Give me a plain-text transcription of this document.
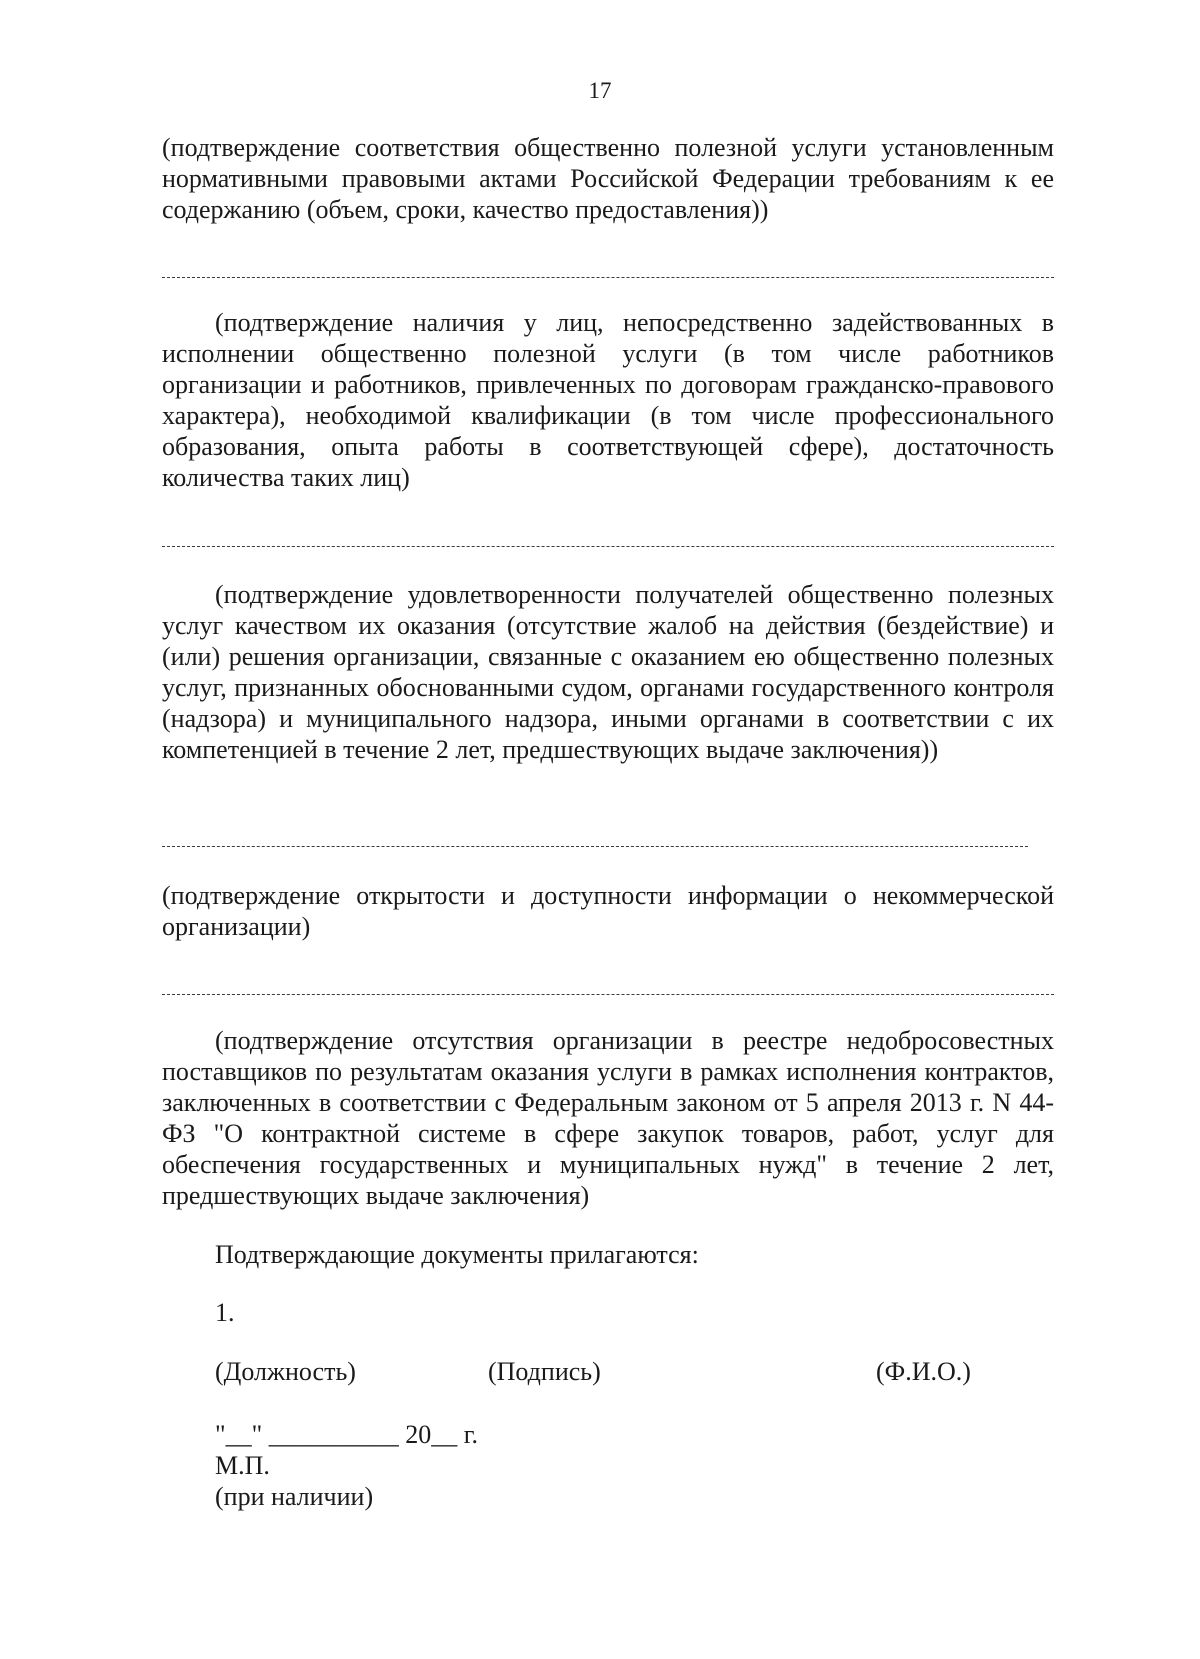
17
(подтверждение соответствия общественно полезной услуги установленным нормативными правовыми актами Российской Федерации требованиям к ее содержанию (объем, сроки, качество предоставления))
(подтверждение наличия у лиц, непосредственно задействованных в исполнении общественно полезной услуги (в том числе работников организации и работников, привлеченных по договорам гражданско-правового характера), необходимой квалификации (в том числе профессионального образования, опыта работы в соответствующей сфере), достаточность количества таких лиц)
(подтверждение удовлетворенности получателей общественно полезных услуг качеством их оказания (отсутствие жалоб на действия (бездействие) и (или) решения организации, связанные с оказанием ею общественно полезных услуг, признанных обоснованными судом, органами государственного контроля (надзора) и муниципального надзора, иными органами в соответствии с их компетенцией в течение 2 лет, предшествующих выдаче заключения))
(подтверждение открытости и доступности информации о некоммерческой организации)
(подтверждение отсутствия организации в реестре недобросовестных поставщиков по результатам оказания услуги в рамках исполнения контрактов, заключенных в соответствии с Федеральным законом от 5 апреля 2013 г. N 44-ФЗ "О контрактной системе в сфере закупок товаров, работ, услуг для обеспечения государственных и муниципальных нужд" в течение 2 лет, предшествующих выдаче заключения)
Подтверждающие документы прилагаются:
1.
(Должность)	(Подпись)	(Ф.И.О.)
"__" __________ 20__ г.
М.П.
(при наличии)
